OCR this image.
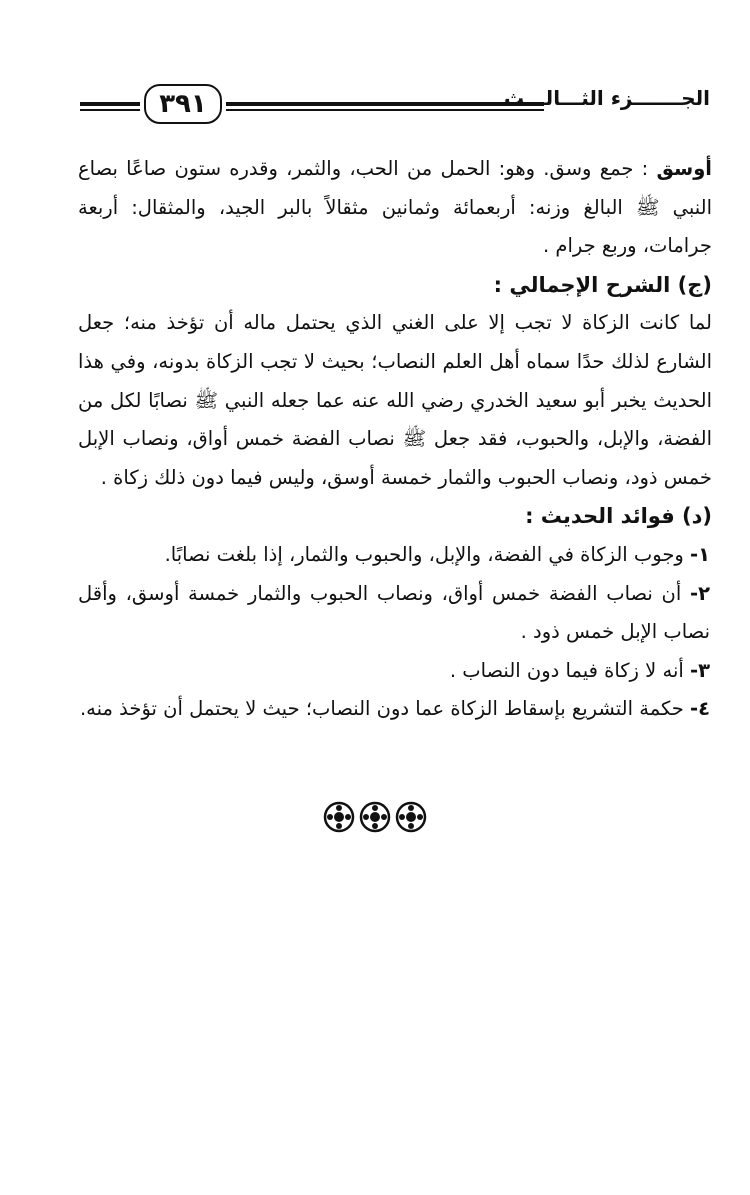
٣٩١	الجـــــــزء الثـــالـــث

أوسق : جمع وسق. وهو: الحمل من الحب، والثمر، وقدره ستون صاعًا بصاع النبي ﷺ البالغ وزنه: أربعمائة وثمانين مثقالاً بالبر الجيد، والمثقال: أربعة جرامات، وربع جرام .

(ج) الشرح الإجمالي :

لما كانت الزكاة لا تجب إلا على الغني الذي يحتمل ماله أن تؤخذ منه؛ جعل الشارع لذلك حدًا سماه أهل العلم النصاب؛ بحيث لا تجب الزكاة بدونه، وفي هذا الحديث يخبر أبو سعيد الخدري رضي الله عنه عما جعله النبي ﷺ نصابًا لكل من الفضة، والإبل، والحبوب، فقد جعل ﷺ نصاب الفضة خمس أواق، ونصاب الإبل خمس ذود، ونصاب الحبوب والثمار خمسة أوسق، وليس فيما دون ذلك زكاة .

(د) فوائد الحديث :

١- وجوب الزكاة في الفضة، والإبل، والحبوب والثمار، إذا بلغت نصابًا.

٢- أن نصاب الفضة خمس أواق، ونصاب الحبوب والثمار خمسة أوسق، وأقل نصاب الإبل خمس ذود .

٣- أنه لا زكاة فيما دون النصاب .

٤- حكمة التشريع بإسقاط الزكاة عما دون النصاب؛ حيث لا يحتمل أن تؤخذ منه.
